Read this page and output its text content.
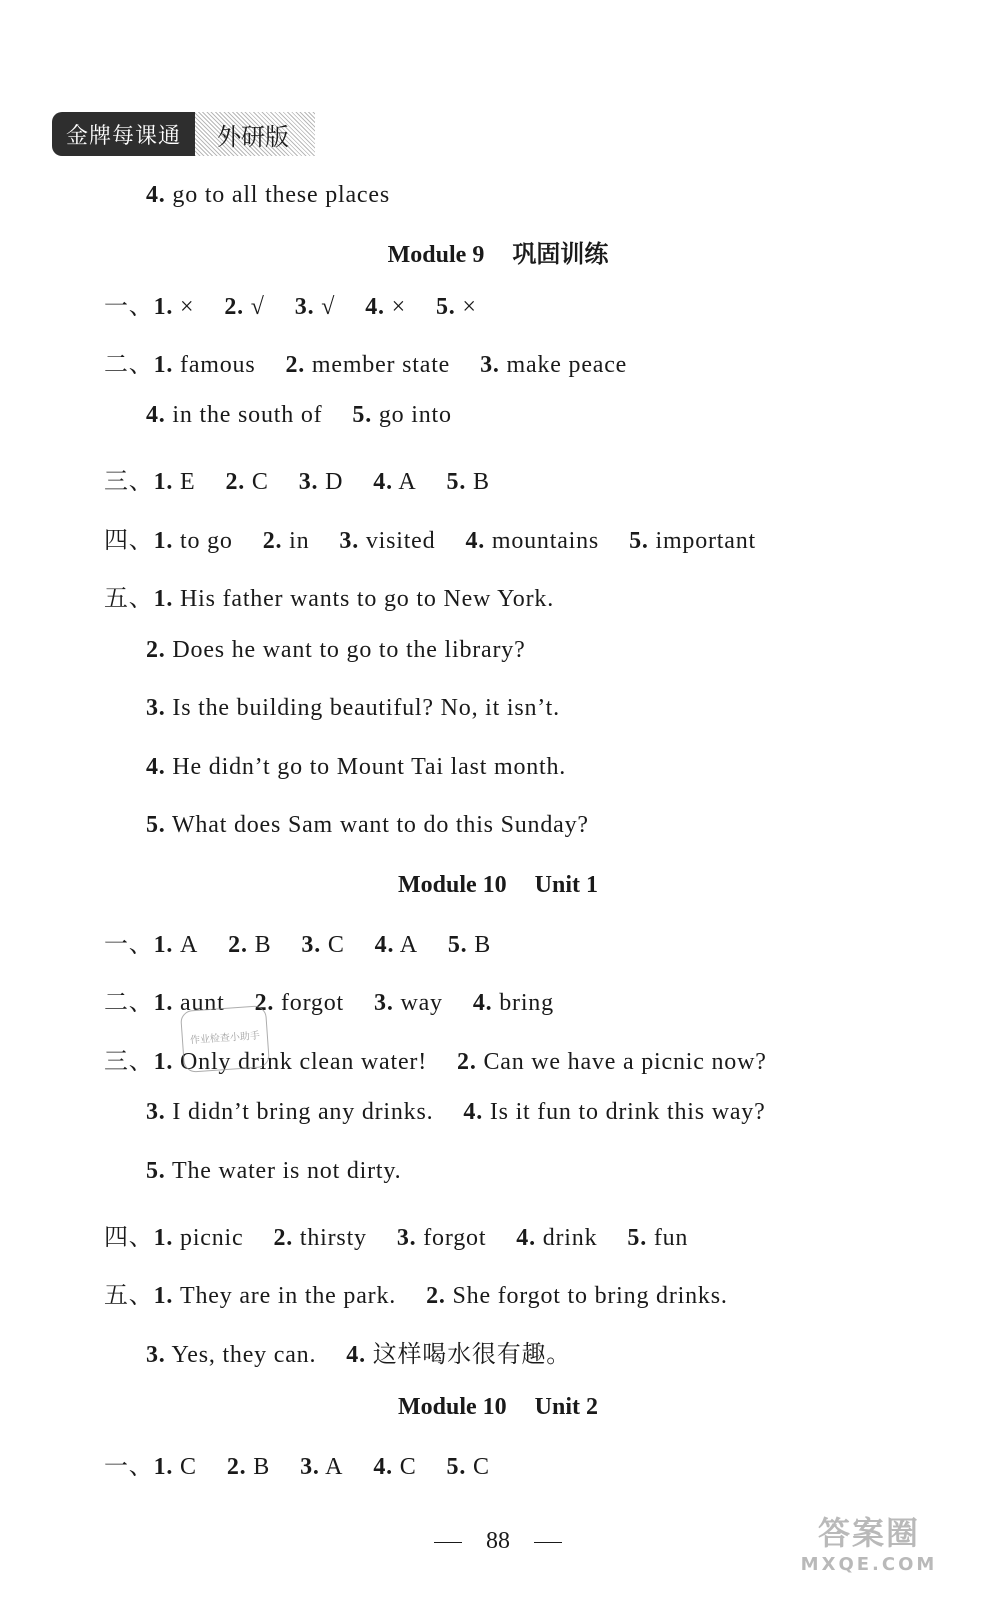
金牌每课通	外研版
Module 9 巩固训练
Module 10 Unit 1
Module 10 Unit 2
4. go to all these places
一、1. × 2. √ 3. √ 4. × 5. ×
二、1. famous 2. member state 3. make peace
4. in the south of 5. go into
三、1. E 2. C 3. D 4. A 5. B
四、1. to go 2. in 3. visited 4. mountains 5. important
五、1. His father wants to go to New York.
2. Does he want to go to the library?
3. Is the building beautiful? No, it isn’t.
4. He didn’t go to Mount Tai last month.
5. What does Sam want to do this Sunday?
一、1. A 2. B 3. C 4. A 5. B
二、1. aunt 2. forgot 3. way 4. bring
三、1. Only drink clean water! 2. Can we have a picnic now?
3. I didn’t bring any drinks. 4. Is it fun to drink this way?
5. The water is not dirty.
四、1. picnic 2. thirsty 3. forgot 4. drink 5. fun
五、1. They are in the park. 2. She forgot to bring drinks.
3. Yes, they can. 4. 这样喝水很有趣。
一、1. C 2. B 3. A 4. C 5. C
作业检查小助手
88	答案圈
MXQE.COM
